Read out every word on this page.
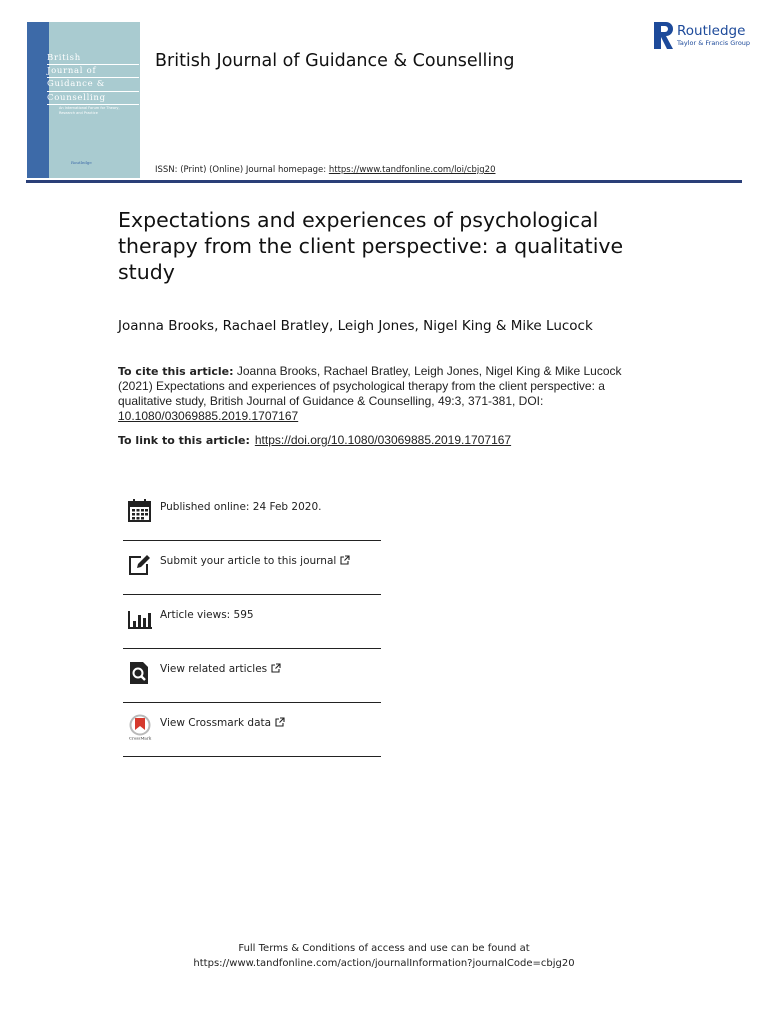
British
Journal of
Guidance &
Counselling
An International Forum for Theory, Research and Practice
Routledge
British Journal of Guidance & Counselling
ISSN: (Print) (Online) Journal homepage: https://www.tandfonline.com/loi/cbjg20
Routledge
Taylor & Francis Group
Expectations and experiences of psychological therapy from the client perspective: a qualitative study
Joanna Brooks, Rachael Bratley, Leigh Jones, Nigel King & Mike Lucock
To cite this article: Joanna Brooks, Rachael Bratley, Leigh Jones, Nigel King & Mike Lucock (2021) Expectations and experiences of psychological therapy from the client perspective: a qualitative study, British Journal of Guidance & Counselling, 49:3, 371-381, DOI: 10.1080/03069885.2019.1707167
To link to this article: https://doi.org/10.1080/03069885.2019.1707167
Published online: 24 Feb 2020.
Submit your article to this journal
Article views: 595
View related articles
CrossMark
View Crossmark data
Full Terms & Conditions of access and use can be found at
https://www.tandfonline.com/action/journalInformation?journalCode=cbjg20
